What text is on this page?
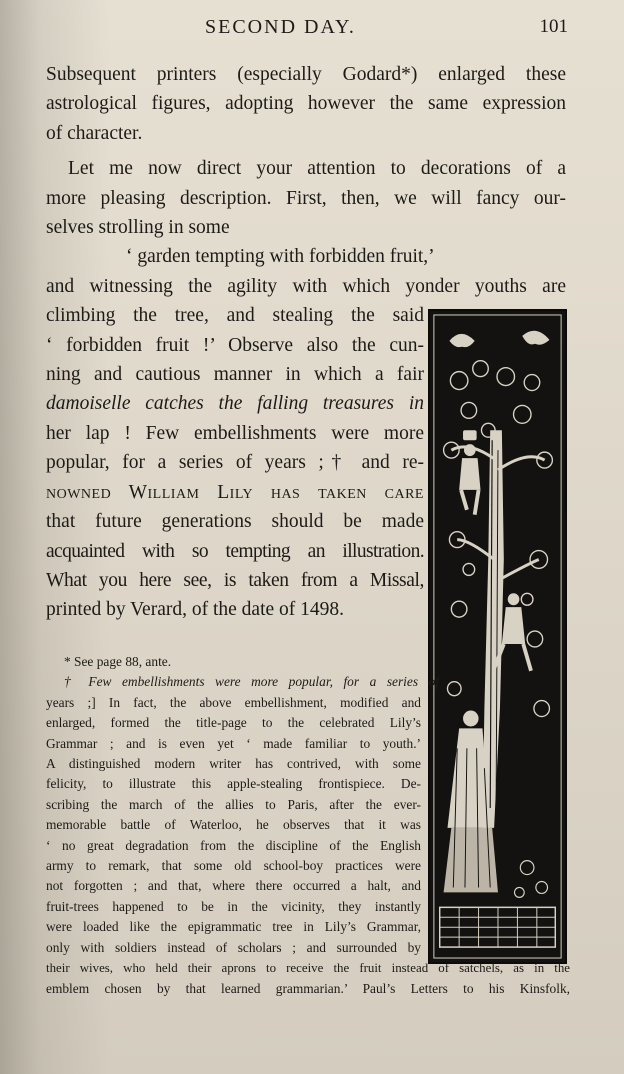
SECOND DAY.	101
Subsequent printers (especially Godard*) enlarged these
astrological figures, adopting however the same expression
of character.
Let me now direct your attention to decorations of a
more pleasing description. First, then, we will fancy our-
selves strolling in some
‘ garden tempting with forbidden fruit,’
and witnessing the agility with which yonder youths are
climbing the tree, and stealing the said
‘ forbidden fruit !’ Observe also the cun-
ning and cautious manner in which a fair
damoiselle catches the falling treasures in
her lap ! Few embellishments were more
popular, for a series of years ;† and re-
nowned William Lily has taken care
that future generations should be made
acquainted with so tempting an illustration.
What you here see, is taken from a Missal,
printed by Verard, of the date of 1498.
* See page 88, ante.
† Few embellishments were more popular, for a series of
years ;] In fact, the above embellishment, modified and
enlarged, formed the title-page to the celebrated Lily’s
Grammar ; and is even yet ‘ made familiar to youth.’
A distinguished modern writer has contrived, with some
felicity, to illustrate this apple-stealing frontispiece. De-
scribing the march of the allies to Paris, after the ever-
memorable battle of Waterloo, he observes that it was
‘ no great degradation from the discipline of the English
army to remark, that some old school-boy practices were
not forgotten ; and that, where there occurred a halt, and
fruit-trees happened to be in the vicinity, they instantly
were loaded like the epigrammatic tree in Lily’s Grammar,
only with soldiers instead of scholars ; and surrounded by
their wives, who held their aprons to receive the fruit instead of satchels, as in the
emblem chosen by that learned grammarian.’ Paul’s Letters to his Kinsfolk,
